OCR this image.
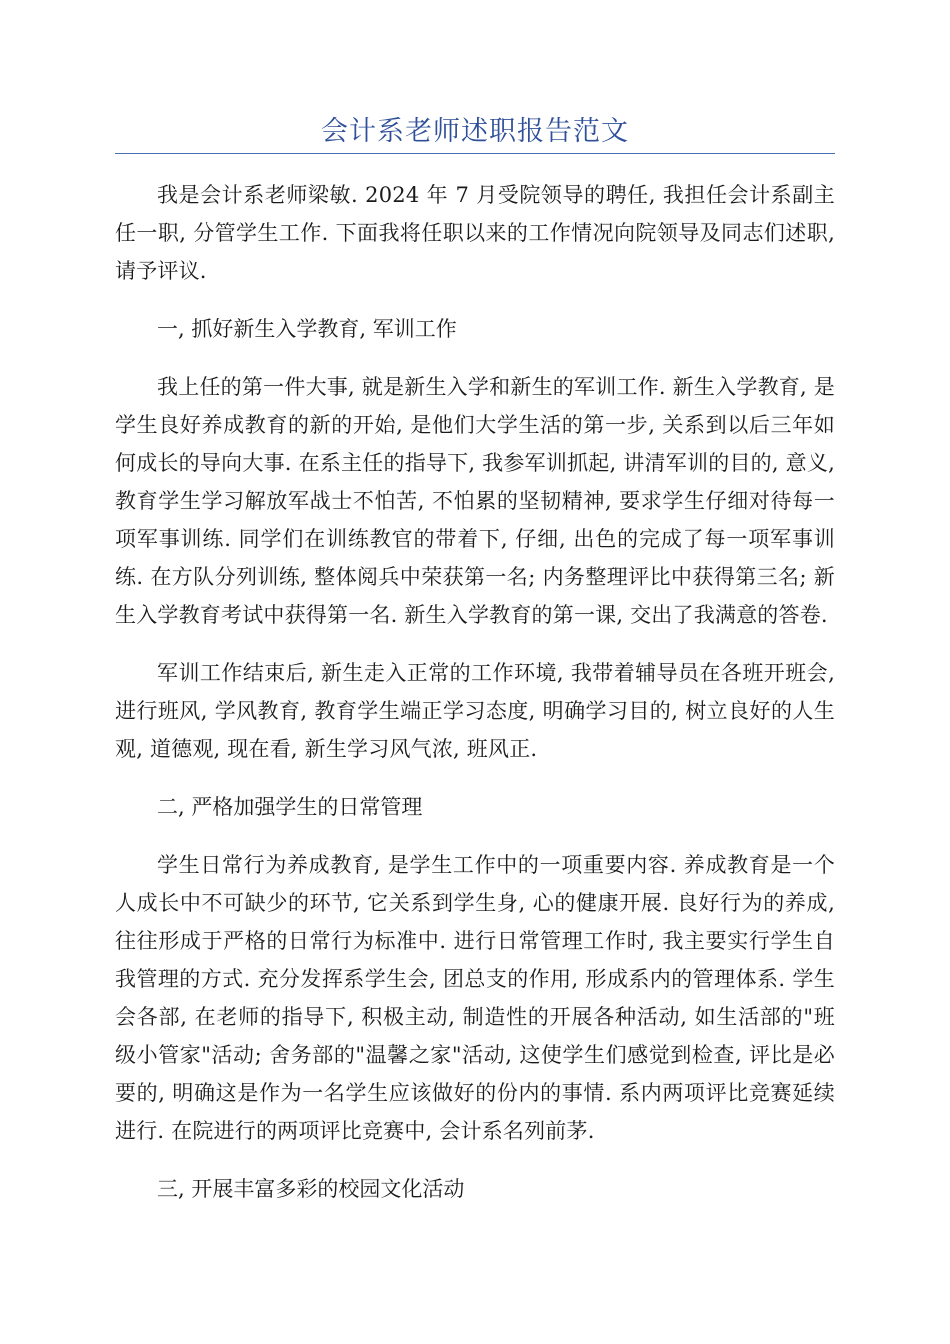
会计系老师述职报告范文

我是会计系老师梁敏. 2024 年 7 月受院领导的聘任, 我担任会计系副主任一职, 分管学生工作. 下面我将任职以来的工作情况向院领导及同志们述职, 请予评议.

一, 抓好新生入学教育, 军训工作

我上任的第一件大事, 就是新生入学和新生的军训工作. 新生入学教育, 是学生良好养成教育的新的开始, 是他们大学生活的第一步, 关系到以后三年如何成长的导向大事. 在系主任的指导下, 我参军训抓起, 讲清军训的目的, 意义, 教育学生学习解放军战士不怕苦, 不怕累的坚韧精神, 要求学生仔细对待每一项军事训练. 同学们在训练教官的带着下, 仔细, 出色的完成了每一项军事训练. 在方队分列训练, 整体阅兵中荣获第一名; 内务整理评比中获得第三名; 新生入学教育考试中获得第一名. 新生入学教育的第一课, 交出了我满意的答卷.

军训工作结束后, 新生走入正常的工作环境, 我带着辅导员在各班开班会, 进行班风, 学风教育, 教育学生端正学习态度, 明确学习目的, 树立良好的人生观, 道德观, 现在看, 新生学习风气浓, 班风正.

二, 严格加强学生的日常管理

学生日常行为养成教育, 是学生工作中的一项重要内容. 养成教育是一个人成长中不可缺少的环节, 它关系到学生身, 心的健康开展. 良好行为的养成, 往往形成于严格的日常行为标准中. 进行日常管理工作时, 我主要实行学生自我管理的方式. 充分发挥系学生会, 团总支的作用, 形成系内的管理体系. 学生会各部, 在老师的指导下, 积极主动, 制造性的开展各种活动, 如生活部的"班级小管家"活动; 舍务部的"温馨之家"活动, 这使学生们感觉到检查, 评比是必要的, 明确这是作为一名学生应该做好的份内的事情. 系内两项评比竞赛延续进行. 在院进行的两项评比竞赛中, 会计系名列前茅.

三, 开展丰富多彩的校园文化活动
